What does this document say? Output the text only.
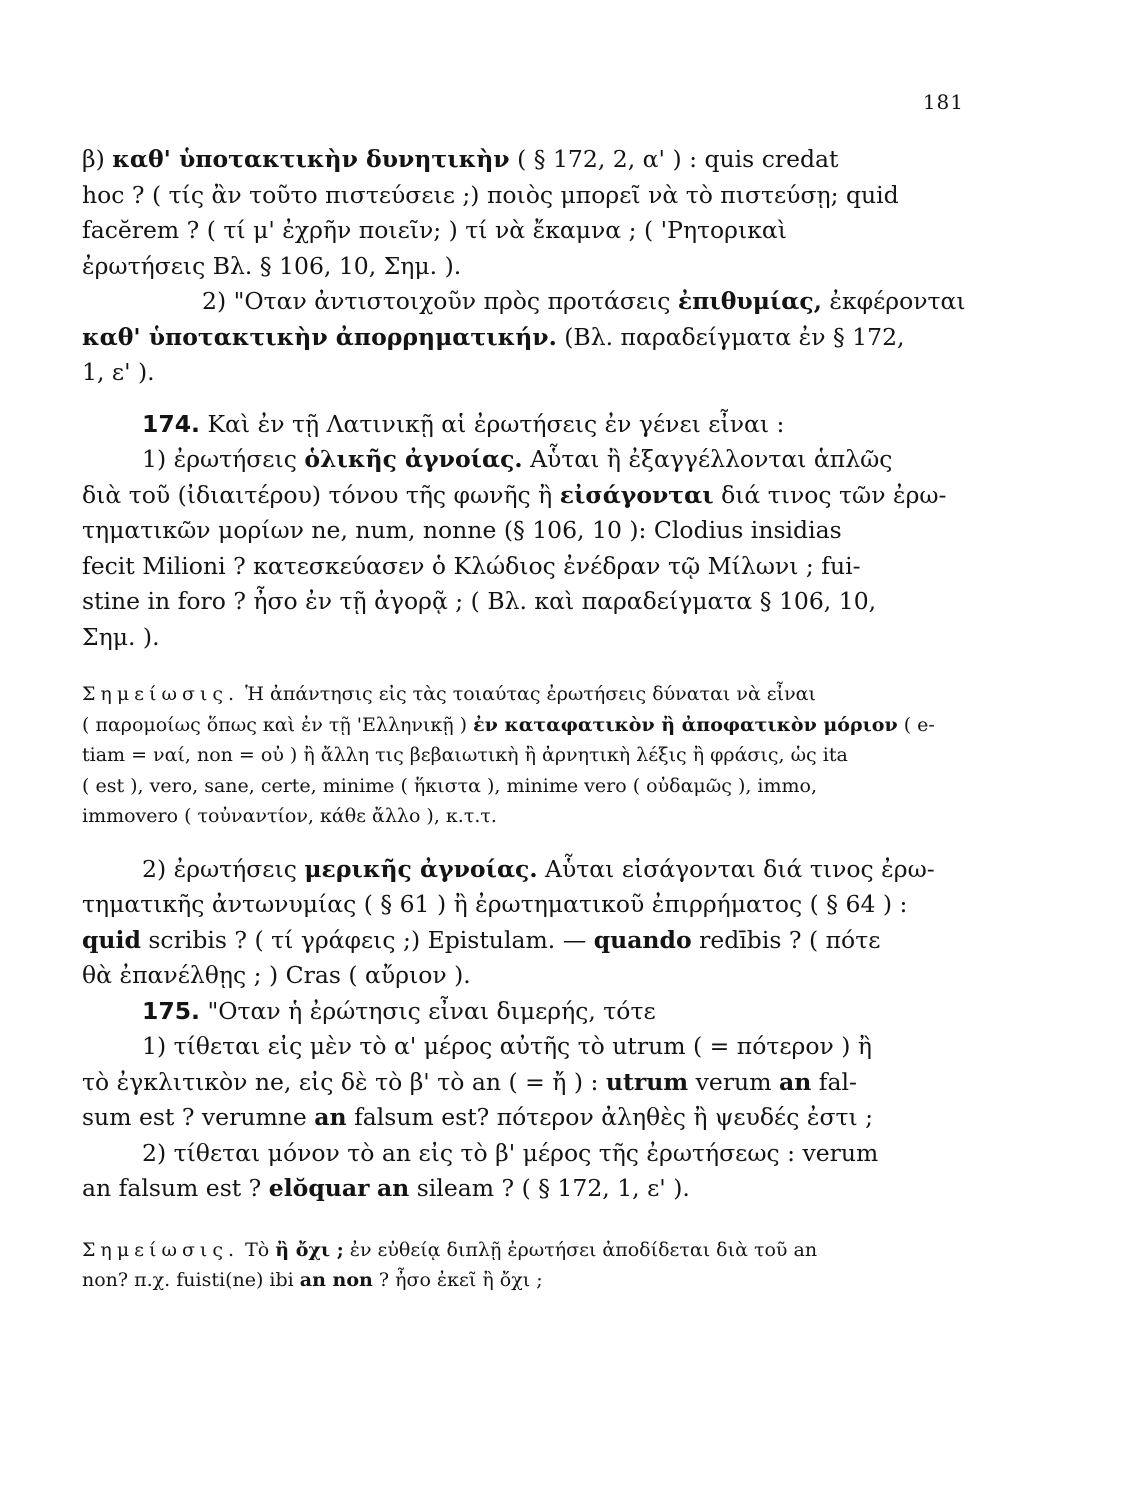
181

β) καθ' ὑποτακτικὴν δυνητικὴν ( § 172, 2, α' ) : quis credat
hoc ? ( τίς ἂν τοῦτο πιστεύσειε ;) ποιὸς μπορεῖ νὰ τὸ πιστεύσῃ; quid
facĕrem ? ( τί μ' ἐχρῆν ποιεῖν; ) τί νὰ ἔκαμνα ; ( 'Ρητορικαὶ
ἐρωτήσεις Βλ. § 106, 10, Σημ. ).

2) "Οταν ἀντιστοιχοῦν πρὸς προτάσεις ἐπιθυμίας, ἐκφέρονται
καθ' ὑποτακτικὴν ἀπορρηματικήν. (Βλ. παραδείγματα ἐν § 172,
1, ε' ).

174. Καὶ ἐν τῇ Λατινικῇ αἱ ἐρωτήσεις ἐν γένει εἶναι :
1) ἐρωτήσεις ὁλικῆς ἀγνοίας. Αὗται ἢ ἐξαγγέλλονται ἁπλῶς
διὰ τοῦ (ἰδιαιτέρου) τόνου τῆς φωνῆς ἢ εἰσάγονται διά τινος τῶν ἐρω-
τηματικῶν μορίων ne, num, nonne (§ 106, 10 ): Clodius insidias
fecit Milioni ? κατεσκεύασεν ὁ Κλώδιος ἐνέδραν τῷ Μίλωνι ; fui-
stine in foro ? ἦσο ἐν τῇ ἀγορᾷ ; ( Βλ. καὶ παραδείγματα § 106, 10,
Σημ. ).

Σημείωσις. Ἡ ἀπάντησις εἰς τὰς τοιαύτας ἐρωτήσεις δύναται νὰ εἶναι
( παρομοίως ὅπως καὶ ἐν τῇ 'Ελληνικῇ ) ἐν καταφατικὸν ἢ ἀποφατικὸν μόριον ( e-
tiam = ναί, non = οὐ ) ἢ ἄλλη τις βεβαιωτικὴ ἢ ἀρνητικὴ λέξις ἢ φράσις, ὡς ita
( est ), vero, sane, certe, minime ( ἥκιστα ), minime vero ( οὐδαμῶς ), immo,
immovero ( τοὐναντίον, κάθε ἄλλο ), κ.τ.τ.

2) ἐρωτήσεις μερικῆς ἀγνοίας. Αὗται εἰσάγονται διά τινος ἐρω-
τηματικῆς ἀντωνυμίας ( § 61 ) ἢ ἐρωτηματικοῦ ἐπιρρήματος ( § 64 ) :
quid scribis ? ( τί γράφεις ;) Epistulam. — quando redībis ? ( πότε
θὰ ἐπανέλθῃς ; ) Cras ( αὔριον ).

175. "Οταν ἡ ἐρώτησις εἶναι διμερής, τότε
1) τίθεται εἰς μὲν τὸ α' μέρος αὐτῆς τὸ utrum ( = πότερον ) ἢ
τὸ ἐγκλιτικὸν ne, εἰς δὲ τὸ β' τὸ an ( = ἤ ) : utrum verum an fal-
sum est ? verumne an falsum est? πότερον ἀληθὲς ἢ ψευδές ἐστι ;
2) τίθεται μόνον τὸ an εἰς τὸ β' μέρος τῆς ἐρωτήσεως : verum
an falsum est ? elŏquar an sileam ? ( § 172, 1, ε' ).

Σημείωσις. Τὸ ἢ ὄχι ; ἐν εὐθείᾳ διπλῇ ἐρωτήσει ἀποδίδεται διὰ τοῦ an
non? π.χ. fuisti(ne) ibi an non ? ἦσο ἐκεῖ ἢ ὄχι ;
